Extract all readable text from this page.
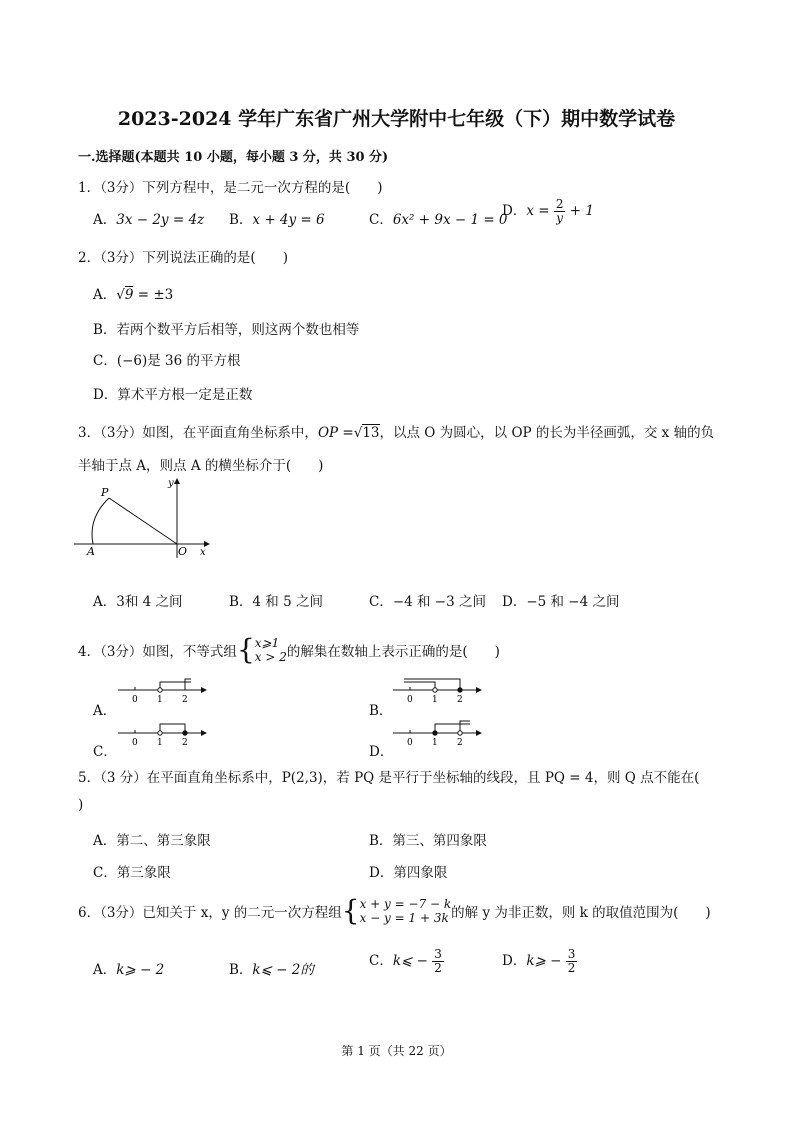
2023-2024 学年广东省广州大学附中七年级（下）期中数学试卷
一.选择题(本题共 10 小题，每小题 3 分，共 30 分)
1．（3分）下列方程中，是二元一次方程的是(　　)
A．3x − 2y = 4z B．x + 4y = 6	C．6x² + 9x − 1 = 0
D．$x = \frac{2}{y} + 1$
2．（3分）下列说法正确的是(　　)
A．√9 = ±3
B．若两个数平方后相等，则这两个数也相等
C．(−6)是 36 的平方根
D．算术平方根一定是正数
3．（3分）如图，在平面直角坐标系中，OP =√13，以点 O 为圆心，以 OP 的长为半径画弧，交 x 轴的负
半轴于点 A，则点 A 的横坐标介于(　　)
P
A	O x
y
A．3和 4 之间	B．4 和 5 之间	C．−4 和 −3 之间 D．−5 和 −4 之间
4．（3分）如图，不等式组{ x⩾1
x > 2 的解集在数轴上表示正确的是(　　)
A．
0 1 2
B．
0 1 2
C．
0 1 2
D．
0 1 2
5．（3 分）在平面直角坐标系中，P(2,3)，若 PQ 是平行于坐标轴的线段，且 PQ = 4，则 Q 点不能在(
)
A．第二、第三象限	B．第三、第四象限
C．第三象限	D．第四象限
6．（3分）已知关于 x，y 的二元一次方程组{ x + y = −7 − k
x − y = 1 + 3k 的解 y 为非正数，则 k 的取值范围为(　　)
A．k⩾ − 2	B．k⩽ − 2的
C．k⩽ − $\frac{3}{2}$	D．k⩾ − $\frac{3}{2}$
第 1 页（共 22 页）
